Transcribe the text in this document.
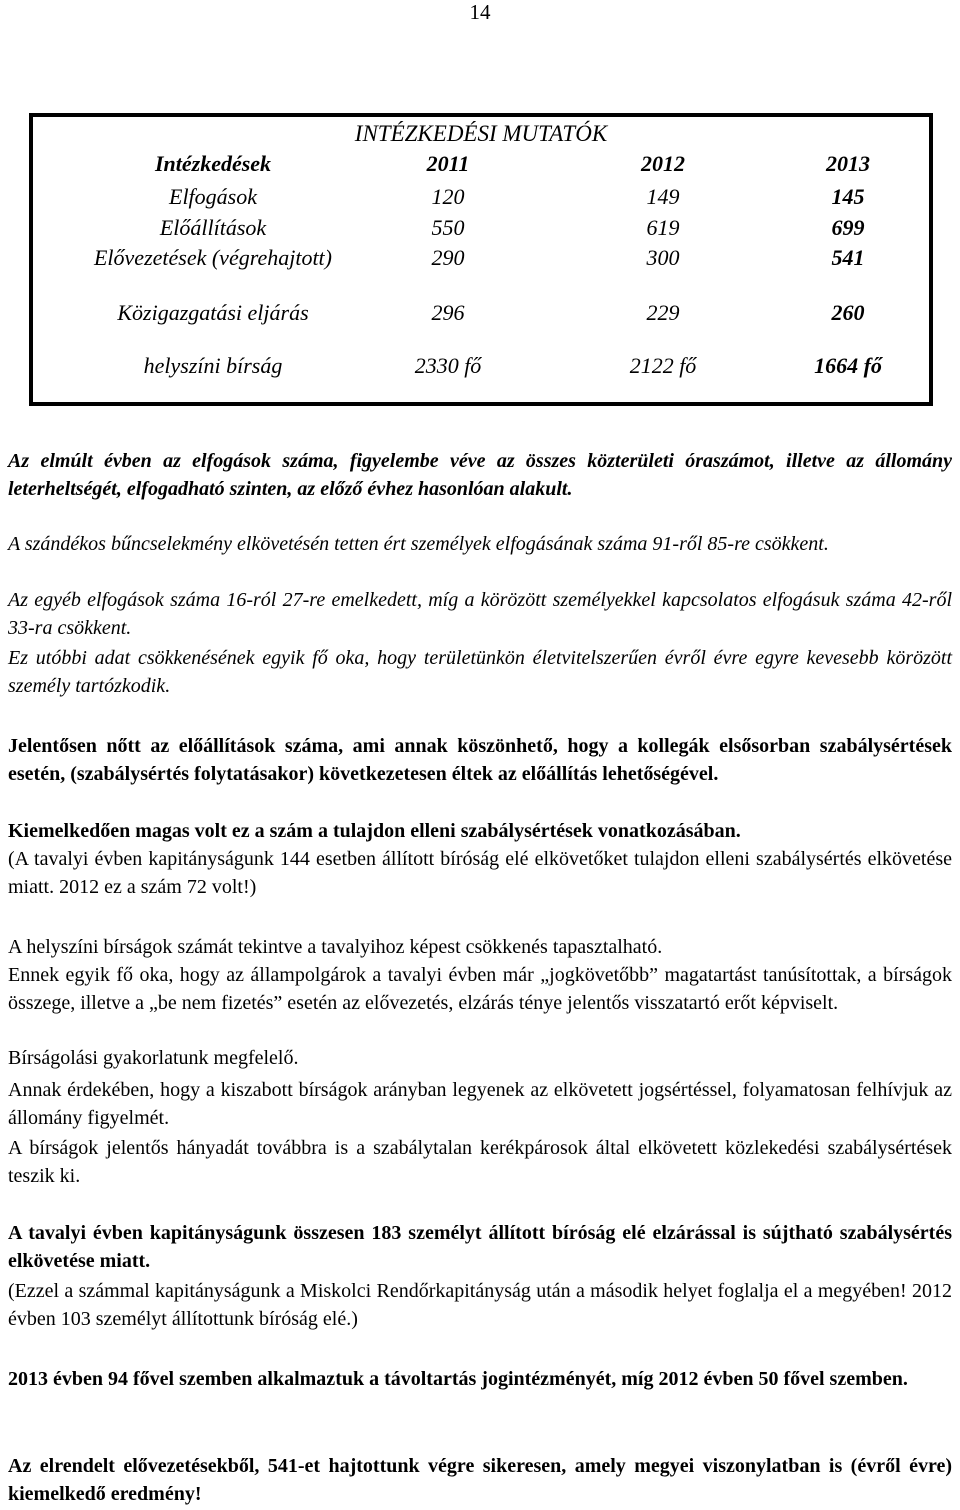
14
INTÉZKEDÉSI MUTATÓK
Intézkedések	2011	2012	2013
Elfogások	120	149	145
Előállítások	550	619	699
Elővezetések (végrehajtott)	290	300	541
Közigazgatási eljárás	296	229	260
helyszíni bírság	2330 fő	2122 fő	1664 fő

Az elmúlt évben az elfogások száma, figyelembe véve az összes közterületi óraszámot, illetve az állomány leterheltségét, elfogadható szinten, az előző évhez hasonlóan alakult.

A szándékos bűncselekmény elkövetésén tetten ért személyek elfogásának száma 91-ről 85-re csökkent.

Az egyéb elfogások száma 16-ról 27-re emelkedett, míg a körözött személyekkel kapcsolatos elfogásuk száma 42-ről 33-ra csökkent.

Ez utóbbi adat csökkenésének egyik fő oka, hogy területünkön életvitelszerűen évről évre egyre kevesebb körözött személy tartózkodik.

Jelentősen nőtt az előállítások száma, ami annak köszönhető, hogy a kollegák elsősorban szabálysértések esetén, (szabálysértés folytatásakor) következetesen éltek az előállítás lehetőségével.

Kiemelkedően magas volt ez a szám a tulajdon elleni szabálysértések vonatkozásában.

(A tavalyi évben kapitányságunk 144 esetben állított bíróság elé elkövetőket tulajdon elleni szabálysértés elkövetése miatt. 2012 ez a szám 72 volt!)

A helyszíni bírságok számát tekintve a tavalyihoz képest csökkenés tapasztalható.

Ennek egyik fő oka, hogy az állampolgárok a tavalyi évben már „jogkövetőbb” magatartást tanúsítottak, a bírságok összege, illetve a „be nem fizetés” esetén az elővezetés, elzárás ténye jelentős visszatartó erőt képviselt.

Bírságolási gyakorlatunk megfelelő.

Annak érdekében, hogy a kiszabott bírságok arányban legyenek az elkövetett jogsértéssel, folyamatosan felhívjuk az állomány figyelmét.

A bírságok jelentős hányadát továbbra is a szabálytalan kerékpárosok által elkövetett közlekedési szabálysértések teszik ki.

A tavalyi évben kapitányságunk összesen 183 személyt állított bíróság elé elzárással is sújtható szabálysértés elkövetése miatt.

(Ezzel a számmal kapitányságunk a Miskolci Rendőrkapitányság után a második helyet foglalja el a megyében! 2012 évben 103 személyt állítottunk bíróság elé.)

2013 évben 94 fővel szemben alkalmaztuk a távoltartás jogintézményét, míg 2012 évben 50 fővel szemben.

Az elrendelt elővezetésekből, 541-et hajtottunk végre sikeresen, amely megyei viszonylatban is (évről évre) kiemelkedő eredmény!
